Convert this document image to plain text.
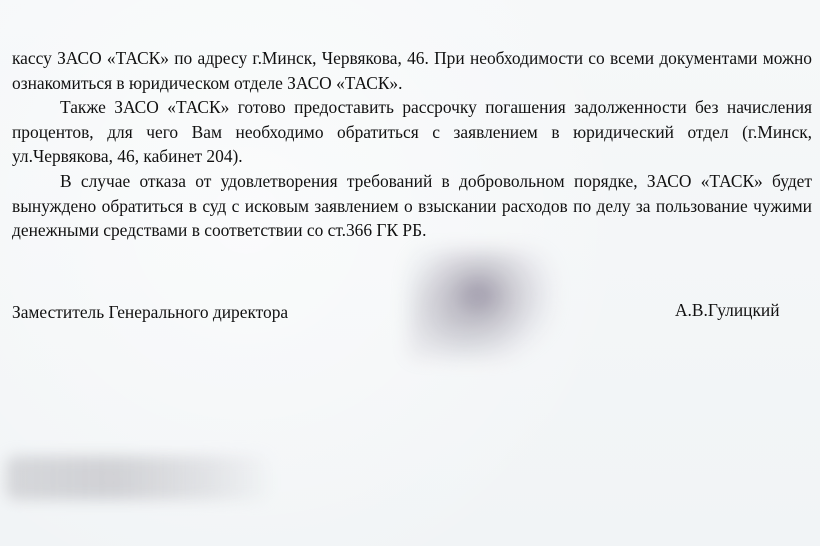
кассу ЗАСО «ТАСК» по адресу г.Минск, Червякова, 46. При необходимости со всеми документами можно ознакомиться в юридическом отделе ЗАСО «ТАСК».

Также ЗАСО «ТАСК» готово предоставить рассрочку погашения задолженности без начисления процентов, для чего Вам необходимо обратиться с заявлением в юридический отдел (г.Минск, ул.Червякова, 46, кабинет 204).

В случае отказа от удовлетворения требований в добровольном порядке, ЗАСО «ТАСК» будет вынуждено обратиться в суд с исковым заявлением о взыскании расходов по делу за пользование чужими денежными средствами в соответствии со ст.366 ГК РБ.

Заместитель Генерального директора	А.В.Гулицкий
